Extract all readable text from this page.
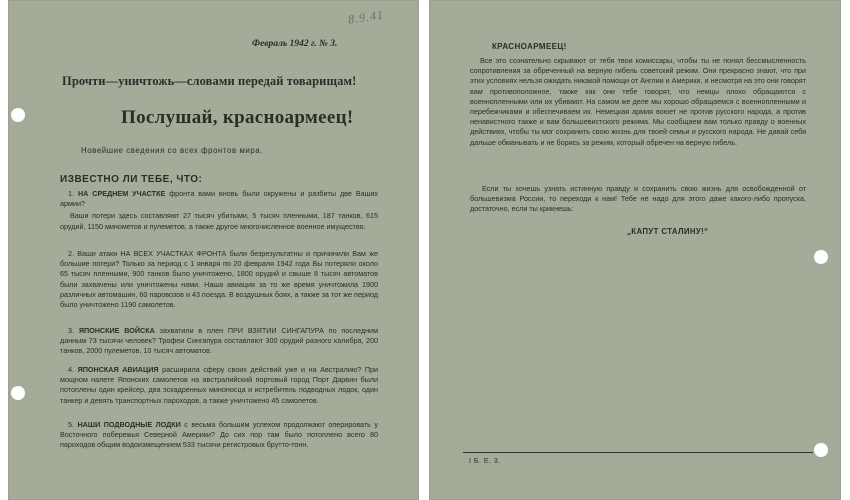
8.9.41
Февраль 1942 г. № 3.
Прочти—уничтожь—словами передай товарищам!
Послушай, красноармеец!
Новейшие сведения со всех фронтов мира.
ИЗВЕСТНО ЛИ ТЕБЕ, ЧТО:

1. НА СРЕДНЕМ УЧАСТКЕ фронта вами вновь были окружены и разбиты две Ваших армии?

Ваши потери здесь составляют 27 тысяч убитыми, 5 тысяч пленными, 187 танков, 615 орудий, 1150 минометов и пулеметов, а также другое многочисленное военное имущество.

2. Ваши атаки НА ВСЕХ УЧАСТКАХ ФРОНТА были безрезультатны и причинили Вам же большие потери? Только за период с 1 января по 20 февраля 1942 года Вы потеряли около 65 тысяч пленными, 900 танков было уничтожено, 1800 орудий и свыше 8 тысяч автоматов были захвачены или уничтожены нами. Наша авиация за то же время уничтожила 1900 различных автомашин, 60 паровозов и 43 поезда. В воздушных боях, а также за тот же период было уничтожено 1190 самолетов.

3. ЯПОНСКИЕ ВОЙСКА захватили в плен ПРИ ВЗЯТИИ СИНГАПУРА по последним данным 73 тысячи человек? Трофеи Сингапура составляют 300 орудий разного калибра, 200 танков, 2000 пулеметов, 10 тысяч автоматов.

4. ЯПОНСКАЯ АВИАЦИЯ расширила сферу своих действий уже и на Австралию? При мощном налете Японских самолетов на австралийский портовый город Порт Дарвин были потоплены один крейсер, два эскадренных миноносца и истребитель подводных лодок, один танкер и девять транспортных пароходов, а также уничтожено 45 самолетов.

5. НАШИ ПОДВОДНЫЕ ЛОДКИ с весьма большим успехом продолжают оперировать у Восточного побережья Северной Америки? До сих пор там было потоплено всего 80 пароходов общим водоизмещением 533 тысячи регистровых брутто-тонн.

КРАСНОАРМЕЕЦ!

Все это сознательно скрывают от тебя твои комиссары, чтобы ты не понял бессмысленность сопротивления за обреченный на верную гибель советский режим. Они прекрасно знают, что при этих условиях нельзя ожидать никакой помощи от Англии и Америки, и несмотря на это они говорят вам противоположное, также как они тебе говорят, что немцы плохо обращаются с военнопленными или их убивают. На самом же деле мы хорошо обращаемся с военнопленными и перебежчиками и обеспечиваем их. Немецкая армия воюет не против русского народа, а против ненавистного также и вам большевистского режима. Мы сообщаем вам только правду о военных действиях, чтобы ты мог сохранить свою жизнь для твоей семьи и русского народа. Не давай себя дальше обманывать и не борись за режим, который обречен на верную гибель.

Если ты хочешь узнать истинную правду и сохранить свою жизнь для освобожденной от большевизма России, то переходи к нам! Тебе не надо для этого даже какого-либо пропуска, достаточно, если ты крикнешь:

„КАПУТ СТАЛИНУ!“
I Б. Е. 3.
